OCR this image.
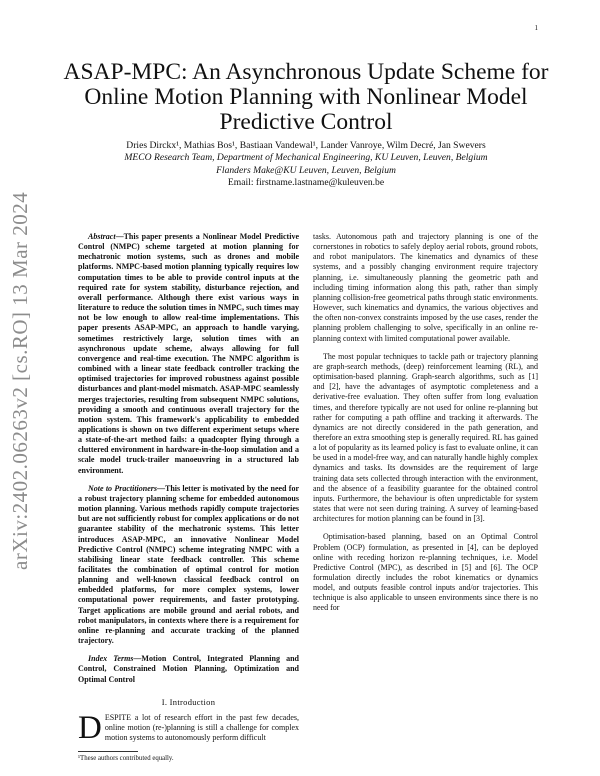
1
arXiv:2402.06263v2 [cs.RO] 13 Mar 2024
ASAP-MPC: An Asynchronous Update Scheme for Online Motion Planning with Nonlinear Model Predictive Control
Dries Dirckx¹, Mathias Bos¹, Bastiaan Vandewal¹, Lander Vanroye, Wilm Decré, Jan Swevers
MECO Research Team, Department of Mechanical Engineering, KU Leuven, Leuven, Belgium
Flanders Make@KU Leuven, Leuven, Belgium
Email: firstname.lastname@kuleuven.be

Abstract—This paper presents a Nonlinear Model Predictive Control (NMPC) scheme targeted at motion planning for mechatronic motion systems, such as drones and mobile platforms. NMPC-based motion planning typically requires low computation times to be able to provide control inputs at the required rate for system stability, disturbance rejection, and overall performance. Although there exist various ways in literature to reduce the solution times in NMPC, such times may not be low enough to allow real-time implementations. This paper presents ASAP-MPC, an approach to handle varying, sometimes restrictively large, solution times with an asynchronous update scheme, always allowing for full convergence and real-time execution. The NMPC algorithm is combined with a linear state feedback controller tracking the optimised trajectories for improved robustness against possible disturbances and plant-model mismatch. ASAP-MPC seamlessly merges trajectories, resulting from subsequent NMPC solutions, providing a smooth and continuous overall trajectory for the motion system. This framework's applicability to embedded applications is shown on two different experiment setups where a state-of-the-art method fails: a quadcopter flying through a cluttered environment in hardware-in-the-loop simulation and a scale model truck-trailer manoeuvring in a structured lab environment.

Note to Practitioners—This letter is motivated by the need for a robust trajectory planning scheme for embedded autonomous motion planning. Various methods rapidly compute trajectories but are not sufficiently robust for complex applications or do not guarantee stability of the mechatronic systems. This letter introduces ASAP-MPC, an innovative Nonlinear Model Predictive Control (NMPC) scheme integrating NMPC with a stabilising linear state feedback controller. This scheme facilitates the combination of optimal control for motion planning and well-known classical feedback control on embedded platforms, for more complex systems, lower computational power requirements, and faster prototyping. Target applications are mobile ground and aerial robots, and robot manipulators, in contexts where there is a requirement for online re-planning and accurate tracking of the planned trajectory.

Index Terms—Motion Control, Integrated Planning and Control, Constrained Motion Planning, Optimization and Optimal Control

I. Introduction

DESPITE a lot of research effort in the past few decades, online motion (re-)planning is still a challenge for complex motion systems to autonomously perform difficult

¹These authors contributed equally.

tasks. Autonomous path and trajectory planning is one of the cornerstones in robotics to safely deploy aerial robots, ground robots, and robot manipulators. The kinematics and dynamics of these systems, and a possibly changing environment require trajectory planning, i.e. simultaneously planning the geometric path and including timing information along this path, rather than simply planning collision-free geometrical paths through static environments. However, such kinematics and dynamics, the various objectives and the often non-convex constraints imposed by the use cases, render the planning problem challenging to solve, specifically in an online re-planning context with limited computational power available.

The most popular techniques to tackle path or trajectory planning are graph-search methods, (deep) reinforcement learning (RL), and optimisation-based planning. Graph-search algorithms, such as [1] and [2], have the advantages of asymptotic completeness and a derivative-free evaluation. They often suffer from long evaluation times, and therefore typically are not used for online re-planning but rather for computing a path offline and tracking it afterwards. The dynamics are not directly considered in the path generation, and therefore an extra smoothing step is generally required. RL has gained a lot of popularity as its learned policy is fast to evaluate online, it can be used in a model-free way, and can naturally handle highly complex dynamics and tasks. Its downsides are the requirement of large training data sets collected through interaction with the environment, and the absence of a feasibility guarantee for the obtained control inputs. Furthermore, the behaviour is often unpredictable for system states that were not seen during training. A survey of learning-based architectures for motion planning can be found in [3].

Optimisation-based planning, based on an Optimal Control Problem (OCP) formulation, as presented in [4], can be deployed online with receding horizon re-planning techniques, i.e. Model Predictive Control (MPC), as described in [5] and [6]. The OCP formulation directly includes the robot kinematics or dynamics model, and outputs feasible control inputs and/or trajectories. This technique is also applicable to unseen environments since there is no need for
